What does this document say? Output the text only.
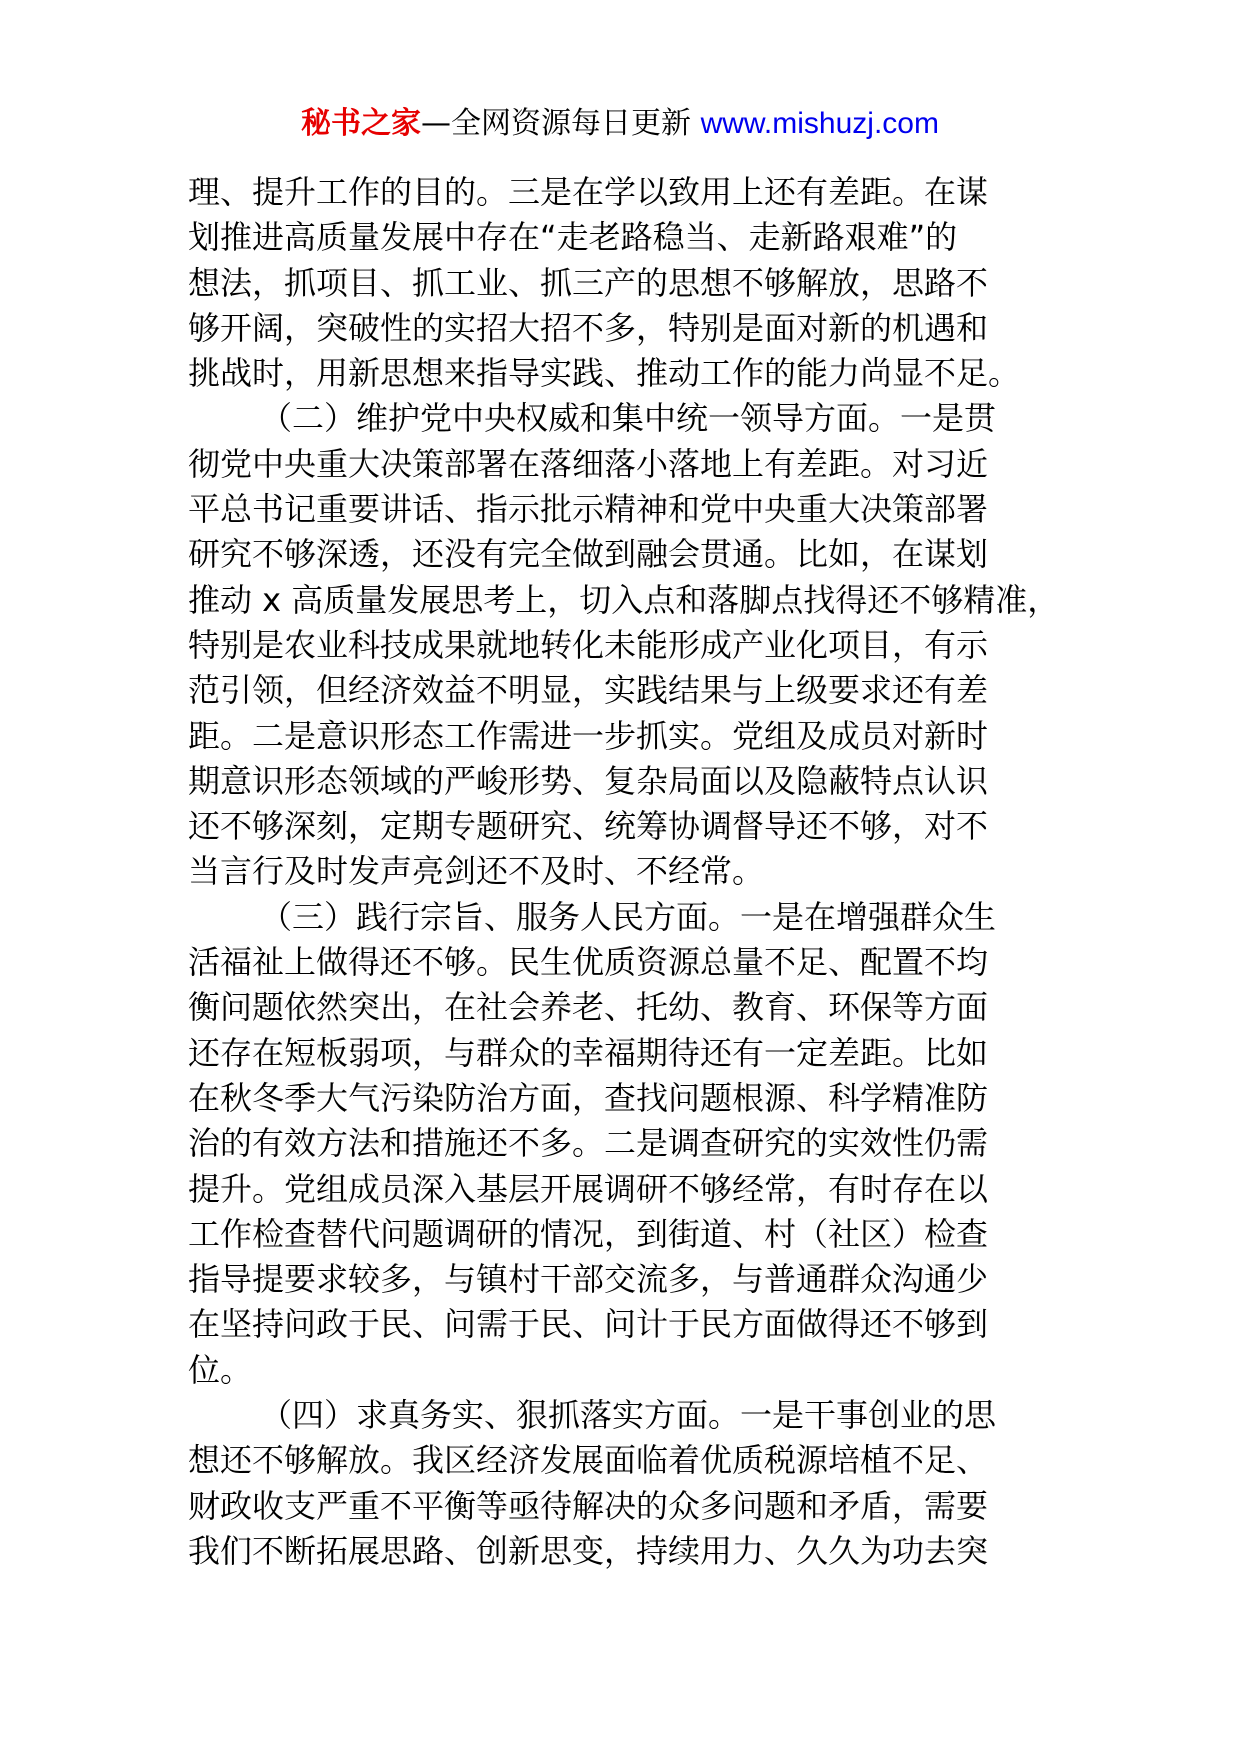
秘书之家—全网资源每日更新 www.mishuzj.com
理、提升工作的目的。三是在学以致用上还有差距。在谋
划推进高质量发展中存在“走老路稳当、走新路艰难”的
想法，抓项目、抓工业、抓三产的思想不够解放，思路不
够开阔，突破性的实招大招不多，特别是面对新的机遇和
挑战时，用新思想来指导实践、推动工作的能力尚显不足。
（二）维护党中央权威和集中统一领导方面。一是贯
彻党中央重大决策部署在落细落小落地上有差距。对习近
平总书记重要讲话、指示批示精神和党中央重大决策部署
研究不够深透，还没有完全做到融会贯通。比如，在谋划
推动 x 高质量发展思考上，切入点和落脚点找得还不够精准，
特别是农业科技成果就地转化未能形成产业化项目，有示
范引领，但经济效益不明显，实践结果与上级要求还有差
距。二是意识形态工作需进一步抓实。党组及成员对新时
期意识形态领域的严峻形势、复杂局面以及隐蔽特点认识
还不够深刻，定期专题研究、统筹协调督导还不够，对不
当言行及时发声亮剑还不及时、不经常。
（三）践行宗旨、服务人民方面。一是在增强群众生
活福祉上做得还不够。民生优质资源总量不足、配置不均
衡问题依然突出，在社会养老、托幼、教育、环保等方面
还存在短板弱项，与群众的幸福期待还有一定差距。比如
在秋冬季大气污染防治方面，查找问题根源、科学精准防
治的有效方法和措施还不多。二是调查研究的实效性仍需
提升。党组成员深入基层开展调研不够经常，有时存在以
工作检查替代问题调研的情况，到街道、村（社区）检查
指导提要求较多，与镇村干部交流多，与普通群众沟通少
在坚持问政于民、问需于民、问计于民方面做得还不够到
位。
（四）求真务实、狠抓落实方面。一是干事创业的思
想还不够解放。我区经济发展面临着优质税源培植不足、
财政收支严重不平衡等亟待解决的众多问题和矛盾，需要
我们不断拓展思路、创新思变，持续用力、久久为功去突
